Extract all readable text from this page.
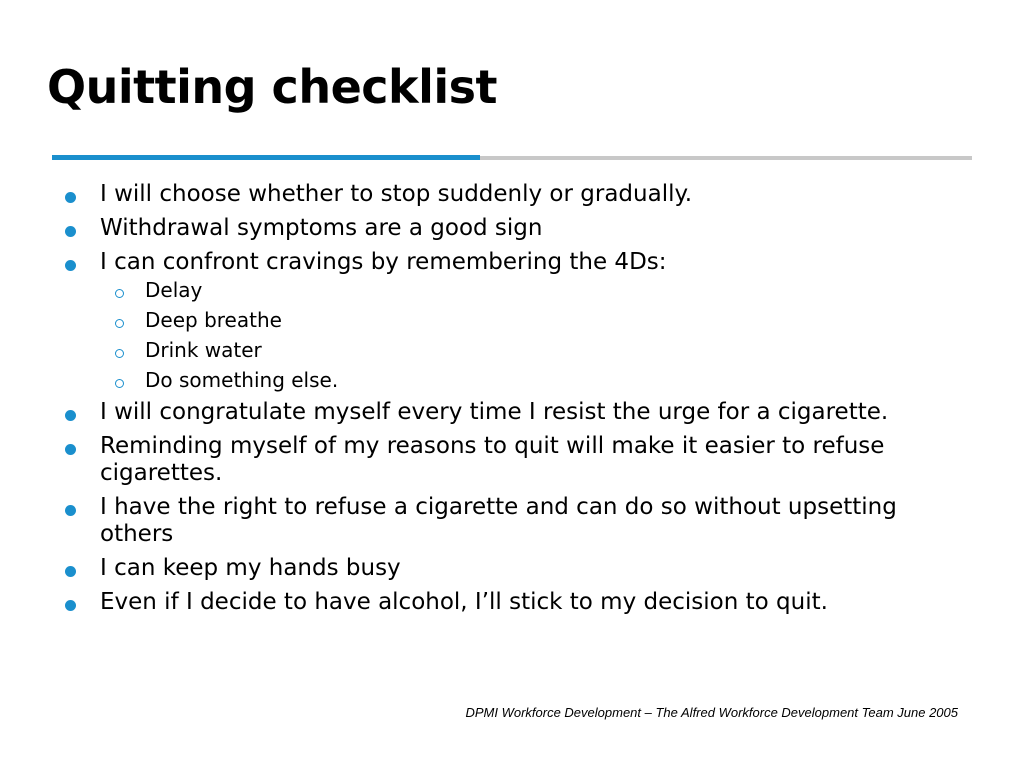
Quitting checklist
I will choose whether to stop suddenly or gradually.
Withdrawal symptoms are a good sign
I can confront cravings by remembering the 4Ds:
Delay
Deep breathe
Drink water
Do something else.
I will congratulate myself every time I resist the urge for a cigarette.
Reminding myself of my reasons to quit will make it easier to refuse cigarettes.
I have the right to refuse a cigarette and can do so without upsetting others
I can keep my hands busy
Even if I decide to have alcohol, I’ll stick to my decision to quit.
DPMI Workforce Development – The Alfred Workforce Development Team June 2005
